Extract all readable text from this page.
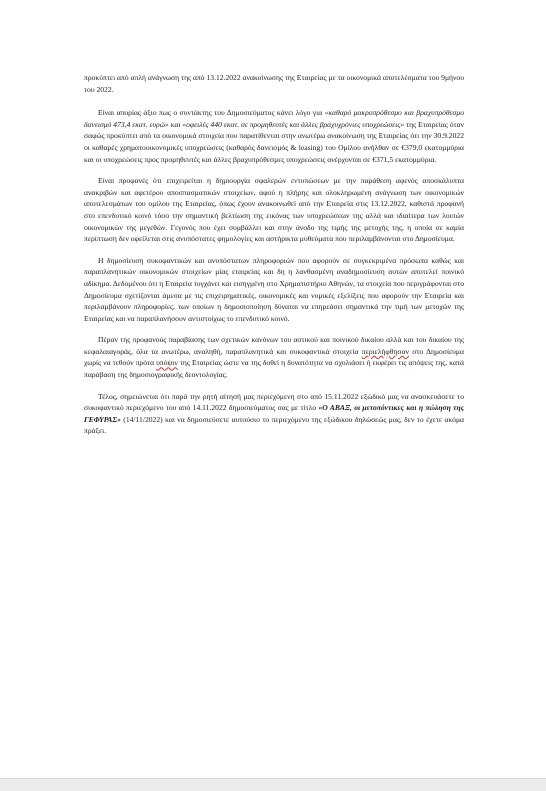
προκύπτει από απλή ανάγνωση της από 13.12.2022 ανακοίνωσης της Εταιρείας με τα οικονομικά αποτελέσματα του 9μήνου του 2022.

Είναι απορίας άξιο πως ο συντάκτης του Δημοσιεύματος κάνει λόγο για «καθαρό μακροπρόθεσμο και βραχυπρόθεσμο δανεισμό 473,4 εκατ. ευρώ» και «οφειλές 440 εκατ. σε προμηθευτές και άλλες βραχυχρόνιες υποχρεώσεις» της Εταιρείας όταν σαφώς προκύπτει από τα οικονομικά στοιχεία που παρατίθενται στην ανωτέρω ανακοίνωση της Εταιρείας ότι την 30.9.2022 οι καθαρές χρηματοοικονομικές υποχρεώσεις (καθαρός δανεισμός & leasing) του Ομίλου ανήλθαν σε €379,0 εκατομμύρια και οι υποχρεώσεις προς προμηθευτές και άλλες βραχυπρόθεσμες υποχρεώσεις ανέρχονται σε €371,5 εκατομμύρια.

Είναι προφανές ότι επιχειρείται η δημιουργία σφαλερών εντυπώσεων με την παράθεση αφενός αποσκάλυπτα ανακριβών και αφετέρου αποσπασματικών στοιχείων, αφού η πλήρης και ολοκληρωμένη ανάγνωση των οικονομικών αποτελεσμάτων του ομίλου της Εταιρείας, όπως έχουν ανακοινωθεί από την Εταιρεία στις 13.12.2022, καθιστά προφανή στο επενδυτικό κοινό τόσο την σημαντική βελτίωση της εικόνας των υποχρεώσεων της αλλά και ιδιαίτερα των λοιπών οικονομικών της μεγεθών. Γεγονός που έχει συμβάλλει και στην άνοδο της τιμής της μετοχής της, η οποία σε καμία περίπτωση δεν οφείλεται στις ανυπόστατες φημολογίες και αστήρικτα μυθεύματα που περιλαμβάνονται στο Δημοσίευμα.

Η δημοσίευση συκοφαντικών και ανυπόστατων πληροφοριών που αφορούν σε συγκεκριμένα πρόσωπα καθώς και παραπλανητικών οικονομικών στοιχείων μίας εταιρείας και δη η λανθασμένη αναδημοσίευση αυτών αποτελεί ποινικό αδίκημα. Δεδομένου ότι η Εταιρεία τυγχάνει και εισηγμένη στο Χρηματιστήριο Αθηνών, τα στοιχεία που περιγράφονται στο Δημοσίευμα σχετίζονται άμεσα με τις επιχειρηματικές, οικονομικές και νομικές εξελίξεις που αφορούν την Εταιρεία και περιλαμβάνουν πληροφορίες, των οποίων η δημοσιοποίηση δύναται να επηρεάσει σημαντικά την τιμή των μετοχών της Εταιρείας και να παραπλανήσουν αντιστοίχως το επενδυτικό κοινό.

Πέραν της προφανούς παραβίασης των σχετικών κανόνων του αστικού και ποινικού δικαίου αλλά και του δικαίου της κεφαλαιαγοράς, όλα τα ανωτέρω, αναληθή, παραπλανητικά και συκοφαντικά στοιχεία περιελήφθησαν στο Δημοσίευμα χωρίς να τεθούν πρότα υπόψιν της Εταιρείας ώστε να της δοθεί η δυνατότητα να σχολιάσει ή εκφέρει τις απόψεις της, κατά παράβαση της δημοσιογραφικής δεοντολογίας.

Τέλος, σημειώνεται ότι παρά την ρητή αίτησή μας περιεχόμενη στο από 15.11.2022 εξώδικό μας να ανασκευάσετε το συκοφαντικό περιεχόμενο του από 14.11.2022 δημοσιεύματος σας με τίτλο «Ο ΑΒΑΞ, οι μετοπόντικες και η πώληση της ΓΕΦΥΡΑΣ» (14/11/2022) και να δημοσιεύσετε αυτούσιο το περιεχόμενο της εξώδικου δηλώσεώς μας, δεν το έχετε ακόμα πράξει.
